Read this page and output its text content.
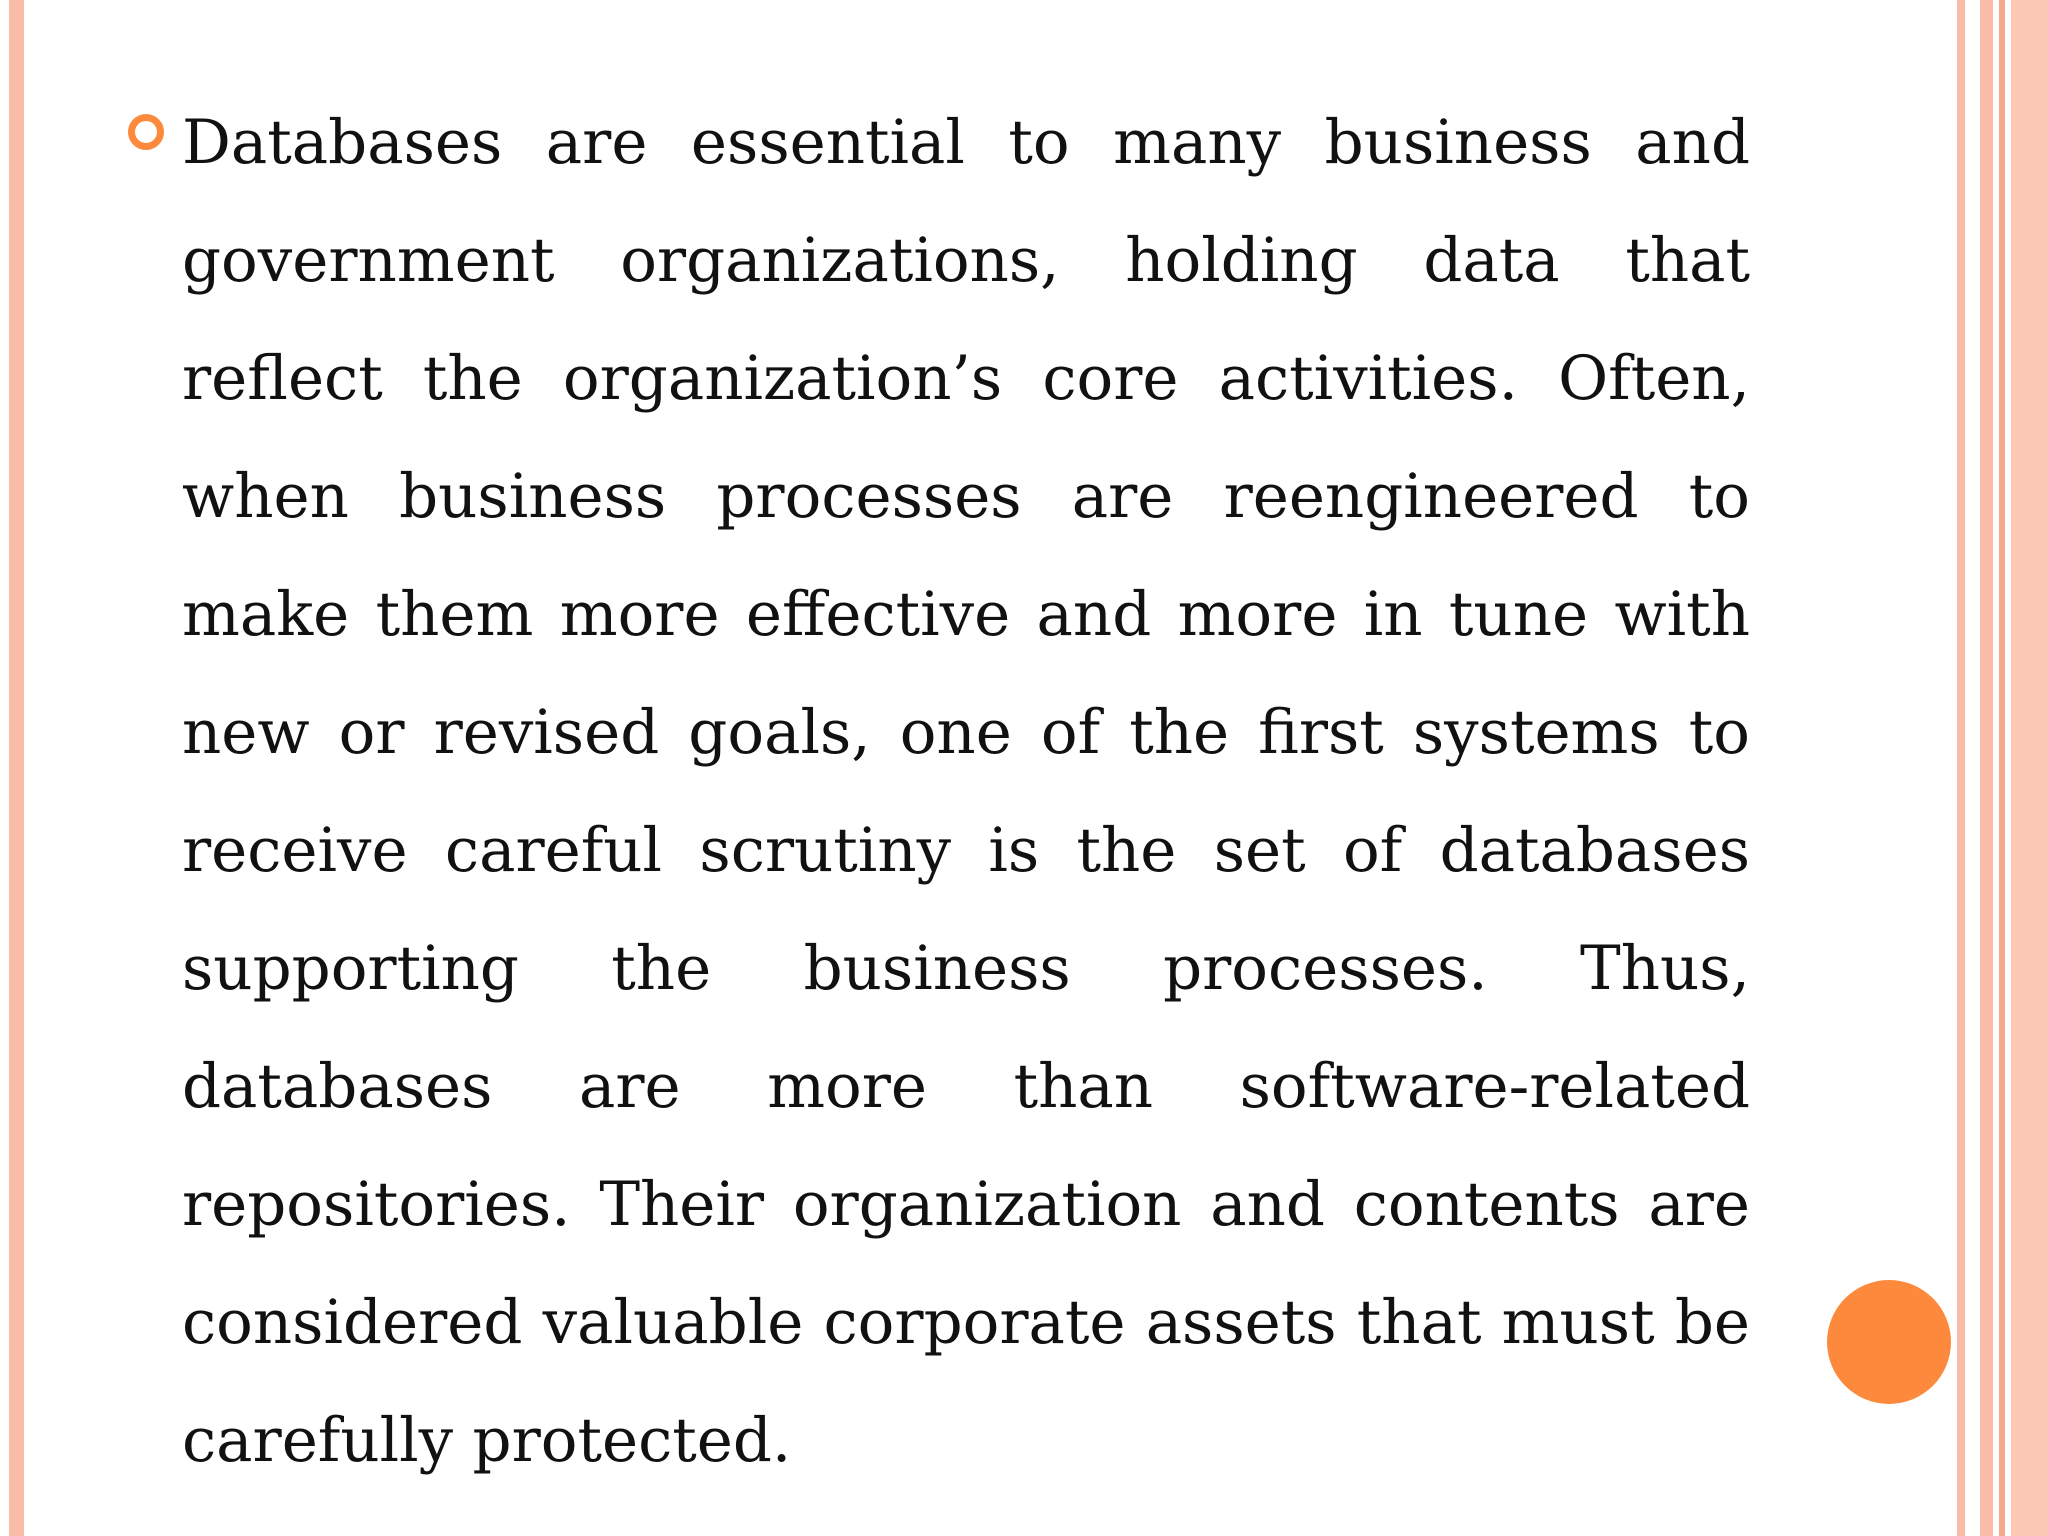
Databases are essential to many business and government organizations, holding data that reflect the organization’s core activities. Often, when business processes are reengineered to make them more effective and more in tune with new or revised goals, one of the first systems to receive careful scrutiny is the set of databases supporting the business processes. Thus, databases are more than software-related repositories. Their organization and contents are considered valuable corporate assets that must be carefully protected.
